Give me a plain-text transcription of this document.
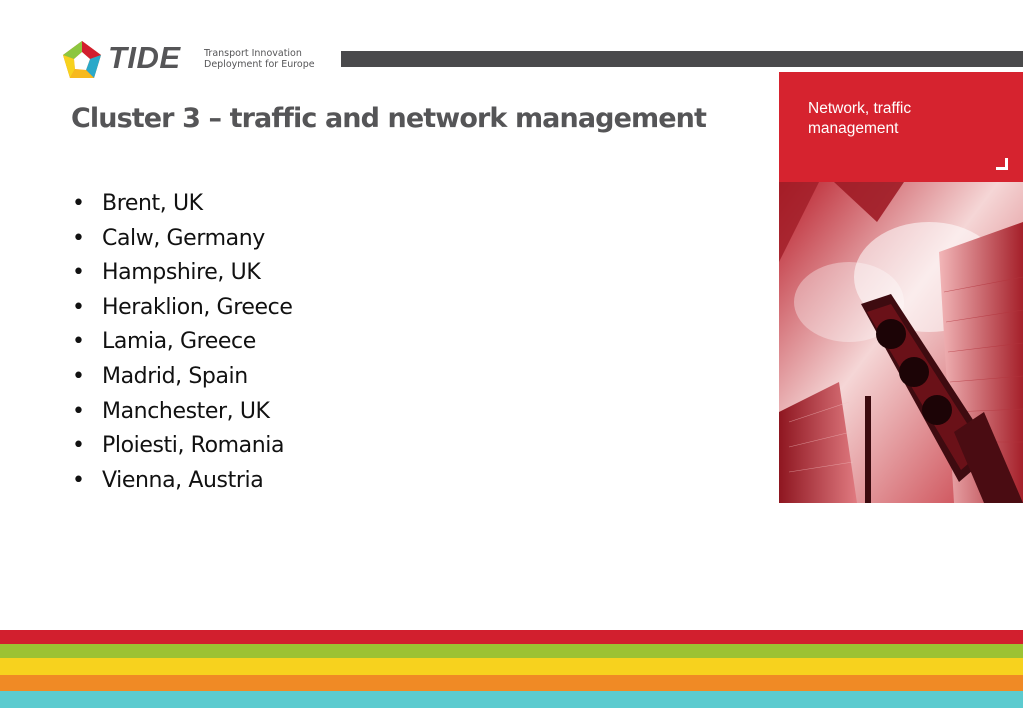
TIDE Transport Innovation
Deployment for Europe
Cluster 3 – traffic and network management
• Brent, UK
• Calw, Germany
• Hampshire, UK
• Heraklion, Greece
• Lamia, Greece
• Madrid, Spain
• Manchester, UK
• Ploiesti, Romania
• Vienna, Austria
Network, traffic
management
